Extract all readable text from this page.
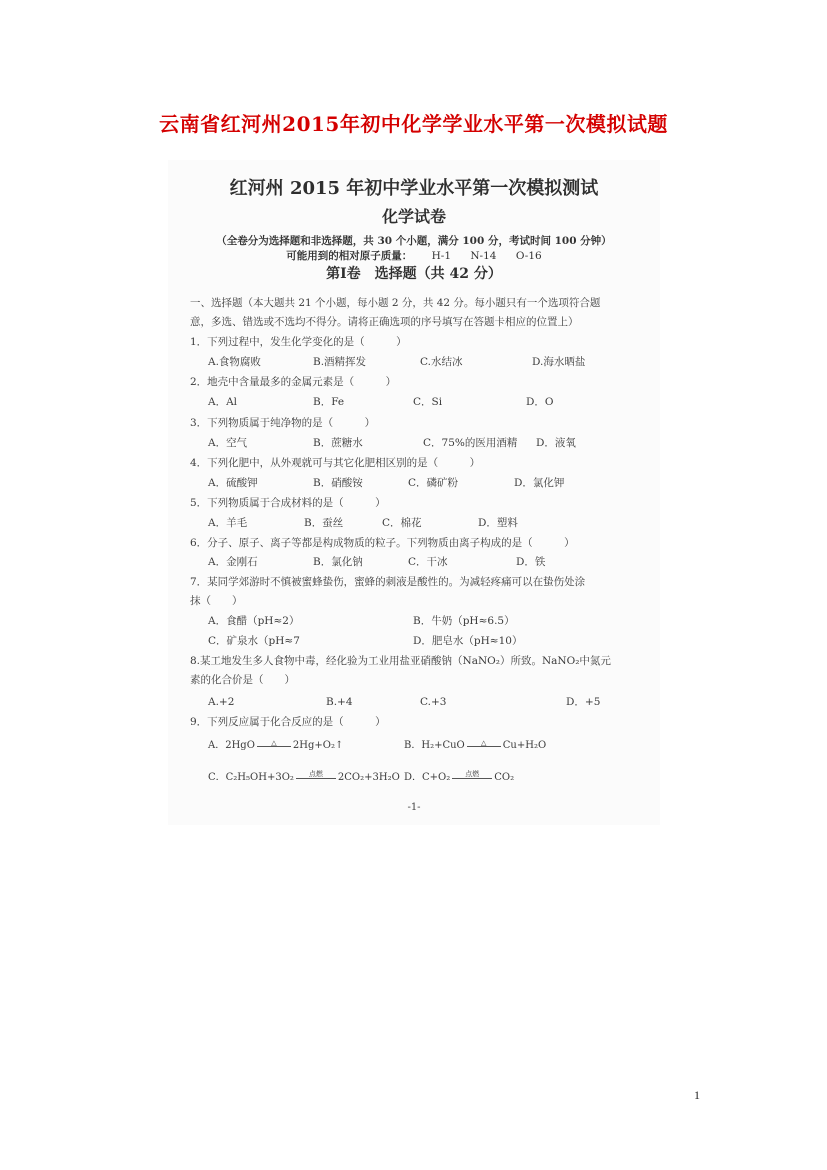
云南省红河州2015年初中化学学业水平第一次模拟试题
红河州 2015 年初中学业水平第一次模拟测试
化学试卷
（全卷分为选择题和非选择题，共 30 个小题，满分 100 分，考试时间 100 分钟）
可能用到的相对原子质量： H-1 N-14 O-16
第Ⅰ卷　选择题（共 42 分）
一、选择题（本大题共 21 个小题，每小题 2 分，共 42 分。每小题只有一个选项符合题
意，多选、错选或不选均不得分。请将正确选项的序号填写在答题卡相应的位置上）
1．下列过程中，发生化学变化的是（　　　）
A.食物腐败	B.酒精挥发	C.水结冰	D.海水晒盐
2．地壳中含量最多的金属元素是（　　　）
A．Al	B．Fe	C．Si	D．O
3．下列物质属于纯净物的是（　　　）
A．空气	B．蔗糖水	C．75%的医用酒精 D．液氧
4．下列化肥中，从外观就可与其它化肥相区别的是（　　　）
A．硫酸钾	B．硝酸铵	C．磷矿粉	D．氯化钾
5．下列物质属于合成材料的是（　　　）
A．羊毛	B．蚕丝	C．棉花	D．塑料
6．分子、原子、离子等都是构成物质的粒子。下列物质由离子构成的是（　　　）
A．金刚石	B．氯化钠	C．干冰	D．铁
7．某同学郊游时不慎被蜜蜂蛰伤，蜜蜂的刺液是酸性的。为减轻疼痛可以在蛰伤处涂
抹（　　）
A．食醋（pH≈2）	B．牛奶（pH≈6.5）
C．矿泉水（pH≈7	D．肥皂水（pH≈10）
8.某工地发生多人食物中毒，经化验为工业用盐亚硝酸钠（NaNO₂）所致。NaNO₂中氮元
素的化合价是（　　）
A.+2	B.+4	C.+3	D．+5
9．下列反应属于化合反应的是（　　　）
A．2HgO	△	2Hg+O₂↑	B．H₂+CuO	△	Cu+H₂O
C．C₂H₅OH+3O₂	点燃	2CO₂+3H₂O D．C+O₂	点燃	CO₂
-1-
1
